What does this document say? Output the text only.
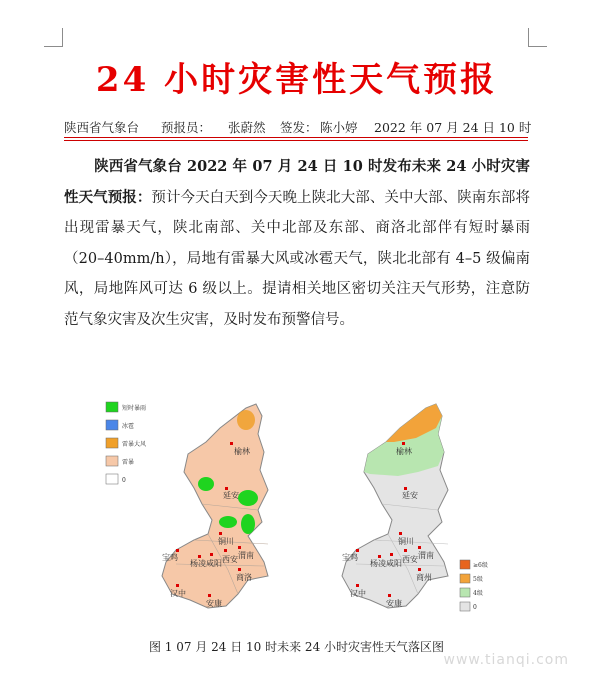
24 小时灾害性天气预报
陕西省气象台 预报员： 张蔚然 签发： 陈小婷 2022 年 07 月 24 日 10 时
陕西省气象台 2022 年 07 月 24 日 10 时发布未来 24 小时灾害性天气预报：预计今天白天到今天晚上陕北大部、关中大部、陕南东部将出现雷暴天气，陕北南部、关中北部及东部、商洛北部伴有短时暴雨（20–40mm/h），局地有雷暴大风或冰雹天气，陕北北部有 4–5 级偏南风，局地阵风可达 6 级以上。提请相关地区密切关注天气形势，注意防范气象灾害及次生灾害，及时发布预警信号。
短时暴雨
冰雹
雷暴大风
雷暴
0
榆林
延安
铜川
宝鸡
杨凌 咸阳 西安 渭南
商洛
汉中
安康
≥6级
5级
4级
0
榆林
延安
铜川
宝鸡
杨凌 咸阳 西安 渭南
商州
汉中
安康
图 1 07 月 24 日 10 时未来 24 小时灾害性天气落区图
www.tianqi.com
